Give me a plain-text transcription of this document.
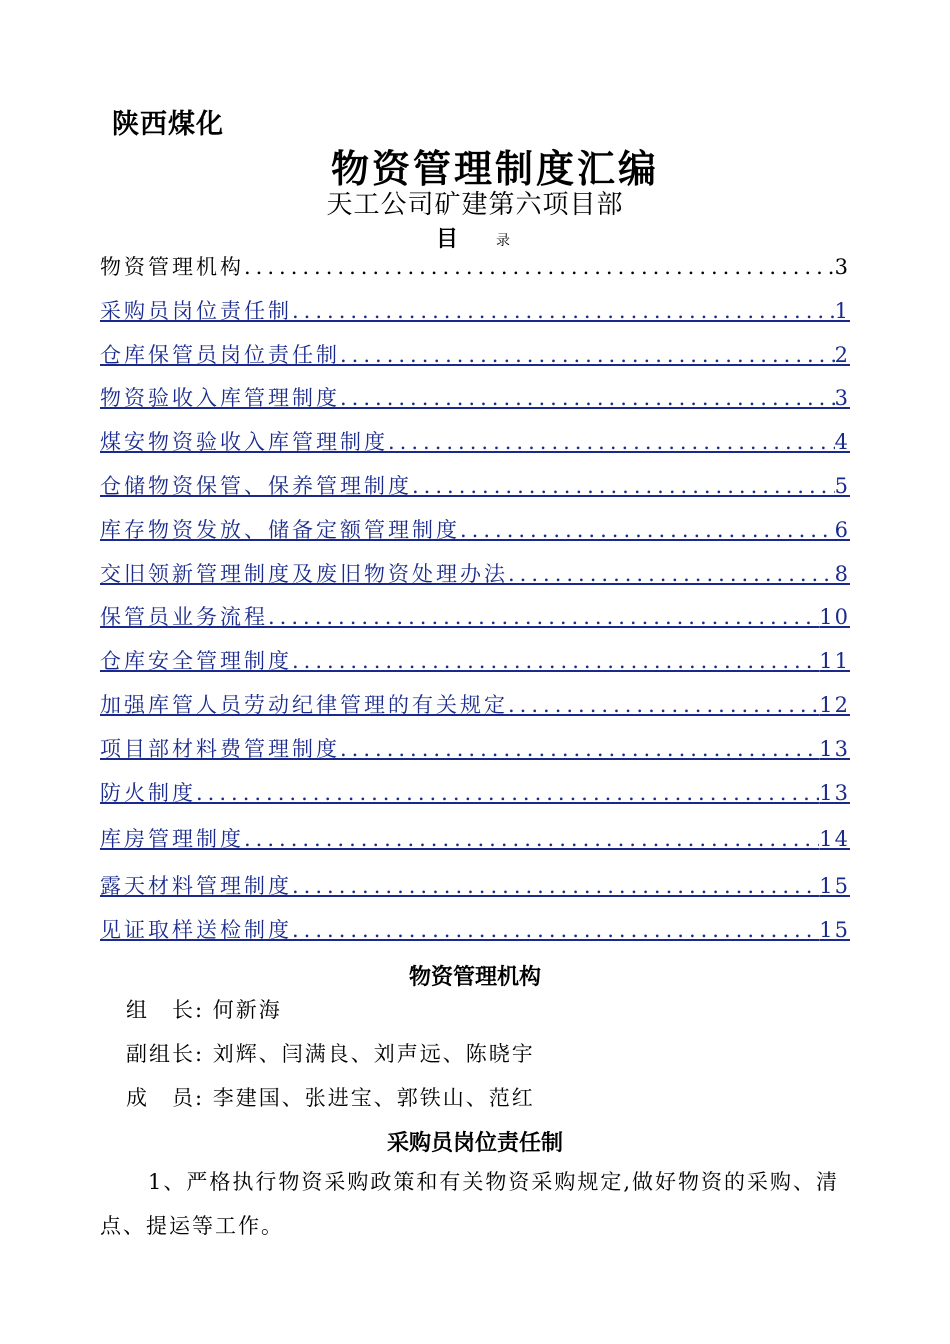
陕西煤化
物资管理制度汇编
天工公司矿建第六项目部
目	录
物资管理机构 .....	3
采购员岗位责任制 .....	1
仓库保管员岗位责任制 .....	2
物资验收入库管理制度 .....	3
煤安物资验收入库管理制度 .....	4
仓储物资保管、保养管理制度 .....	5
库存物资发放、储备定额管理制度 .....	6
交旧领新管理制度及废旧物资处理办法 .....	8
保管员业务流程 .....	10
仓库安全管理制度 .....	11
加强库管人员劳动纪律管理的有关规定 .....	12
项目部材料费管理制度 .....	13
防火制度 .....	13
库房管理制度 .....	14
露天材料管理制度 .....	15
见证取样送检制度 .....	15
物资管理机构
组　长: 何新海
副组长: 刘辉、闫满良、刘声远、陈晓宇
成　员: 李建国、张进宝、郭铁山、范红
采购员岗位责任制
1、严格执行物资采购政策和有关物资采购规定,做好物资的采购、清点、提运等工作。
